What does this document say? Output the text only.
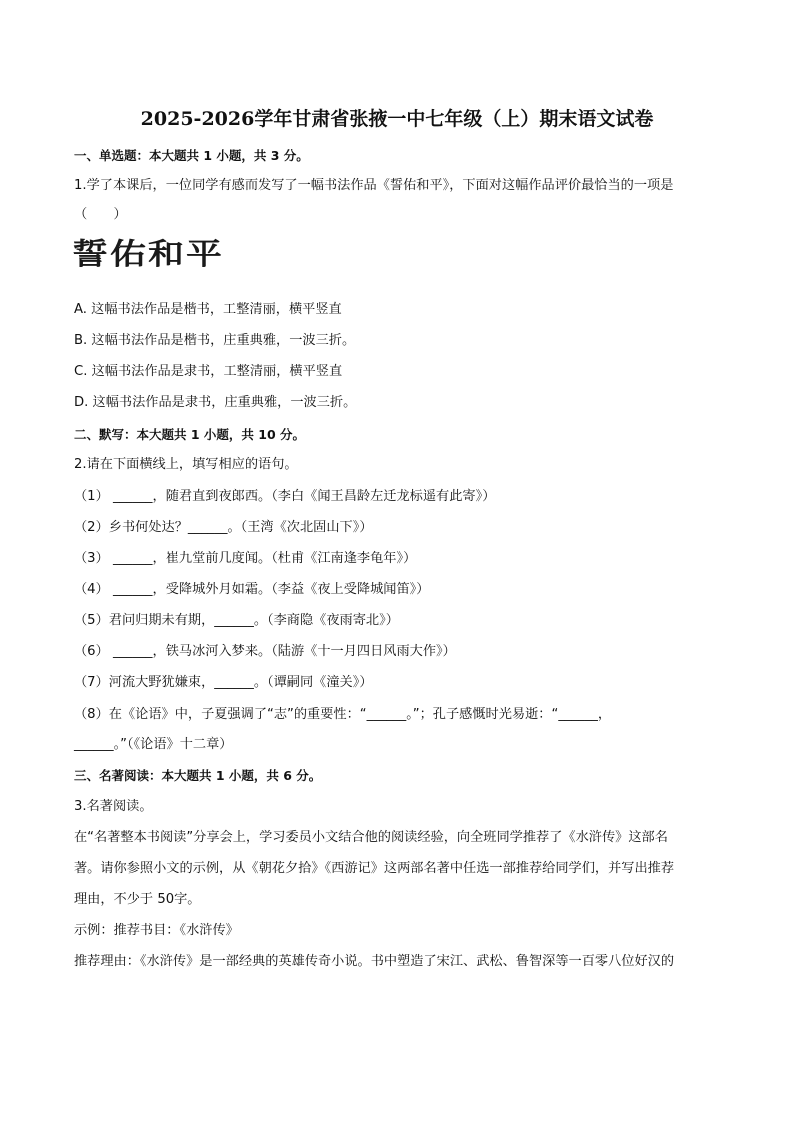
2025-2026学年甘肃省张掖一中七年级（上）期末语文试卷
一、单选题：本大题共 1 小题，共 3 分。
1.学了本课后，一位同学有感而发写了一幅书法作品《誓佑和平》，下面对这幅作品评价最恰当的一项是
（　　）
誓佑和平
A. 这幅书法作品是楷书，工整清丽，横平竖直
B. 这幅书法作品是楷书，庄重典雅，一波三折。
C. 这幅书法作品是隶书，工整清丽，横平竖直
D. 这幅书法作品是隶书，庄重典雅，一波三折。
二、默写：本大题共 1 小题，共 10 分。
2.请在下面横线上，填写相应的语句。
（1） ______，随君直到夜郎西。（李白《闻王昌龄左迁龙标遥有此寄》）
（2）乡书何处达？______。（王湾《次北固山下》）
（3） ______，崔九堂前几度闻。（杜甫《江南逢李龟年》）
（4） ______，受降城外月如霜。（李益《夜上受降城闻笛》）
（5）君问归期未有期，______。（李商隐《夜雨寄北》）
（6） ______，铁马冰河入梦来。（陆游《十一月四日风雨大作》）
（7）河流大野犹嫌束，______。（谭嗣同《潼关》）
（8）在《论语》中，子夏强调了“志”的重要性：“______。”；孔子感慨时光易逝：“______，
______。”（《论语》十二章）
三、名著阅读：本大题共 1 小题，共 6 分。
3.名著阅读。
在“名著整本书阅读”分享会上，学习委员小文结合他的阅读经验，向全班同学推荐了《水浒传》这部名
著。请你参照小文的示例，从《朝花夕拾》《西游记》这两部名著中任选一部推荐给同学们，并写出推荐
理由，不少于 50字。
示例：推荐书目：《水浒传》
推荐理由：《水浒传》是一部经典的英雄传奇小说。书中塑造了宋江、武松、鲁智深等一百零八位好汉的
